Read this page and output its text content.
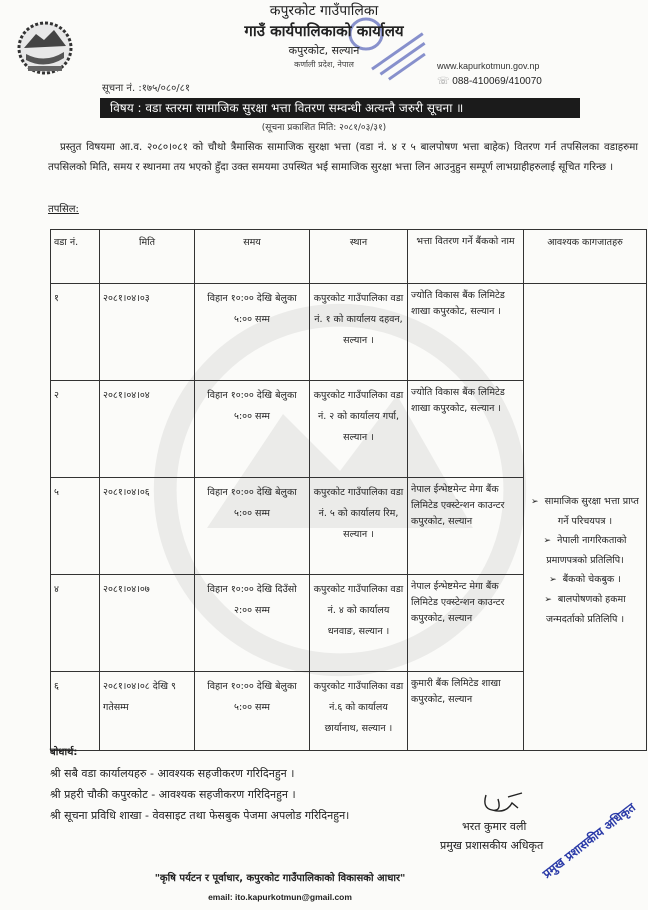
कपुरकोट गाउँपालिका
गाउँ कार्यपालिकाको कार्यालय
कपुरकोट, सल्यान
कर्णाली प्रदेश, नेपाल	www.kapurkotmun.gov.np
☏ 088-410069/410070
सूचना नं. :१७५/०८०/८१
विषय : वडा स्तरमा सामाजिक सुरक्षा भत्ता वितरण सम्वन्धी अत्यन्तै जरुरी सूचना ॥
(सूचना प्रकाशित मिति: २०८१/०३/३१)
प्रस्तुत विषयमा आ.व. २०८०।०८१ को चौथो त्रैमासिक सामाजिक सुरक्षा भत्ता (वडा नं. ४ र ५ बालपोषण भत्ता बाहेक) वितरण गर्न तपसिलका वडाहरुमा तपसिलको मिति, समय र स्थानमा तय भएको हुँदा उक्त समयमा उपस्थित भई सामाजिक सुरक्षा भत्ता लिन आउनुहुन सम्पूर्ण लाभग्राहीहरुलाई सूचित गरिन्छ ।
तपसिल:
वडा नं.	मिति	समय	स्थान	भत्ता वितरण गर्ने बैंकको नाम	आवश्यक कागजातहरु
१	२०८१।०४।०३	विहान १०:०० देखि बेलुका ५:०० सम्म	कपुरकोट गाउँपालिका वडा नं. १ को कार्यालय दहवन, सल्यान ।	ज्योति विकास बैंक लिमिटेड शाखा कपुरकोट, सल्यान ।	➢ सामाजिक सुरक्षा भत्ता प्राप्त गर्ने परिचयपत्र ।
➢ नेपाली नागरिकताको प्रमाणपत्रको प्रतिलिपि।
➢ बैंकको चेकबुक ।
➢ बालपोषणको हकमा जन्मदर्ताको प्रतिलिपि ।

२	२०८१।०४।०४	विहान १०:०० देखि बेलुका ५:०० सम्म	कपुरकोट गाउँपालिका वडा नं. २ को कार्यालय गर्पा, सल्यान ।	ज्योति विकास बैंक लिमिटेड शाखा कपुरकोट, सल्यान ।	
५	२०८१।०४।०६	विहान १०:०० देखि बेलुका ५:०० सम्म	कपुरकोट गाउँपालिका वडा नं. ५ को कार्यालय रिम, सल्यान ।	नेपाल ईन्भेष्टमेन्ट मेगा बैंक लिमिटेड एक्स्टेन्शन काउन्टर कपुरकोट, सल्यान	
४	२०८१।०४।०७	विहान १०:०० देखि दिउँसो २:०० सम्म	कपुरकोट गाउँपालिका वडा नं. ४ को कार्यालय धनवाङ, सल्यान ।	नेपाल ईन्भेष्टमेन्ट मेगा बैंक लिमिटेड एक्स्टेन्शन काउन्टर कपुरकोट, सल्यान	
६	२०८१।०४।०८ देखि ९ गतेसम्म	विहान १०:०० देखि बेलुका ५:०० सम्म	कपुरकोट गाउँपालिका वडा नं.६ को कार्यालय छार्यानाथ, सल्यान ।	कुमारी बैंक लिमिटेड शाखा कपुरकोट, सल्यान	
बोधार्थ:
श्री सबै वडा कार्यालयहरु - आवश्यक सहजीकरण गरिदिनहुन ।
श्री प्रहरी चौकी कपुरकोट - आवश्यक सहजीकरण गरिदिनहुन ।
श्री सूचना प्रविधि शाखा - वेवसाइट तथा फेसबुक पेजमा अपलोड गरिदिनहुन।
भरत कुमार वली
प्रमुख प्रशासकीय अधिकृत
प्रमुख प्रशासकीय अधिकृत
"कृषि पर्यटन र पूर्वाधार, कपुरकोट गाउँपालिकाको विकासको आधार"
email: ito.kapurkotmun@gmail.com
